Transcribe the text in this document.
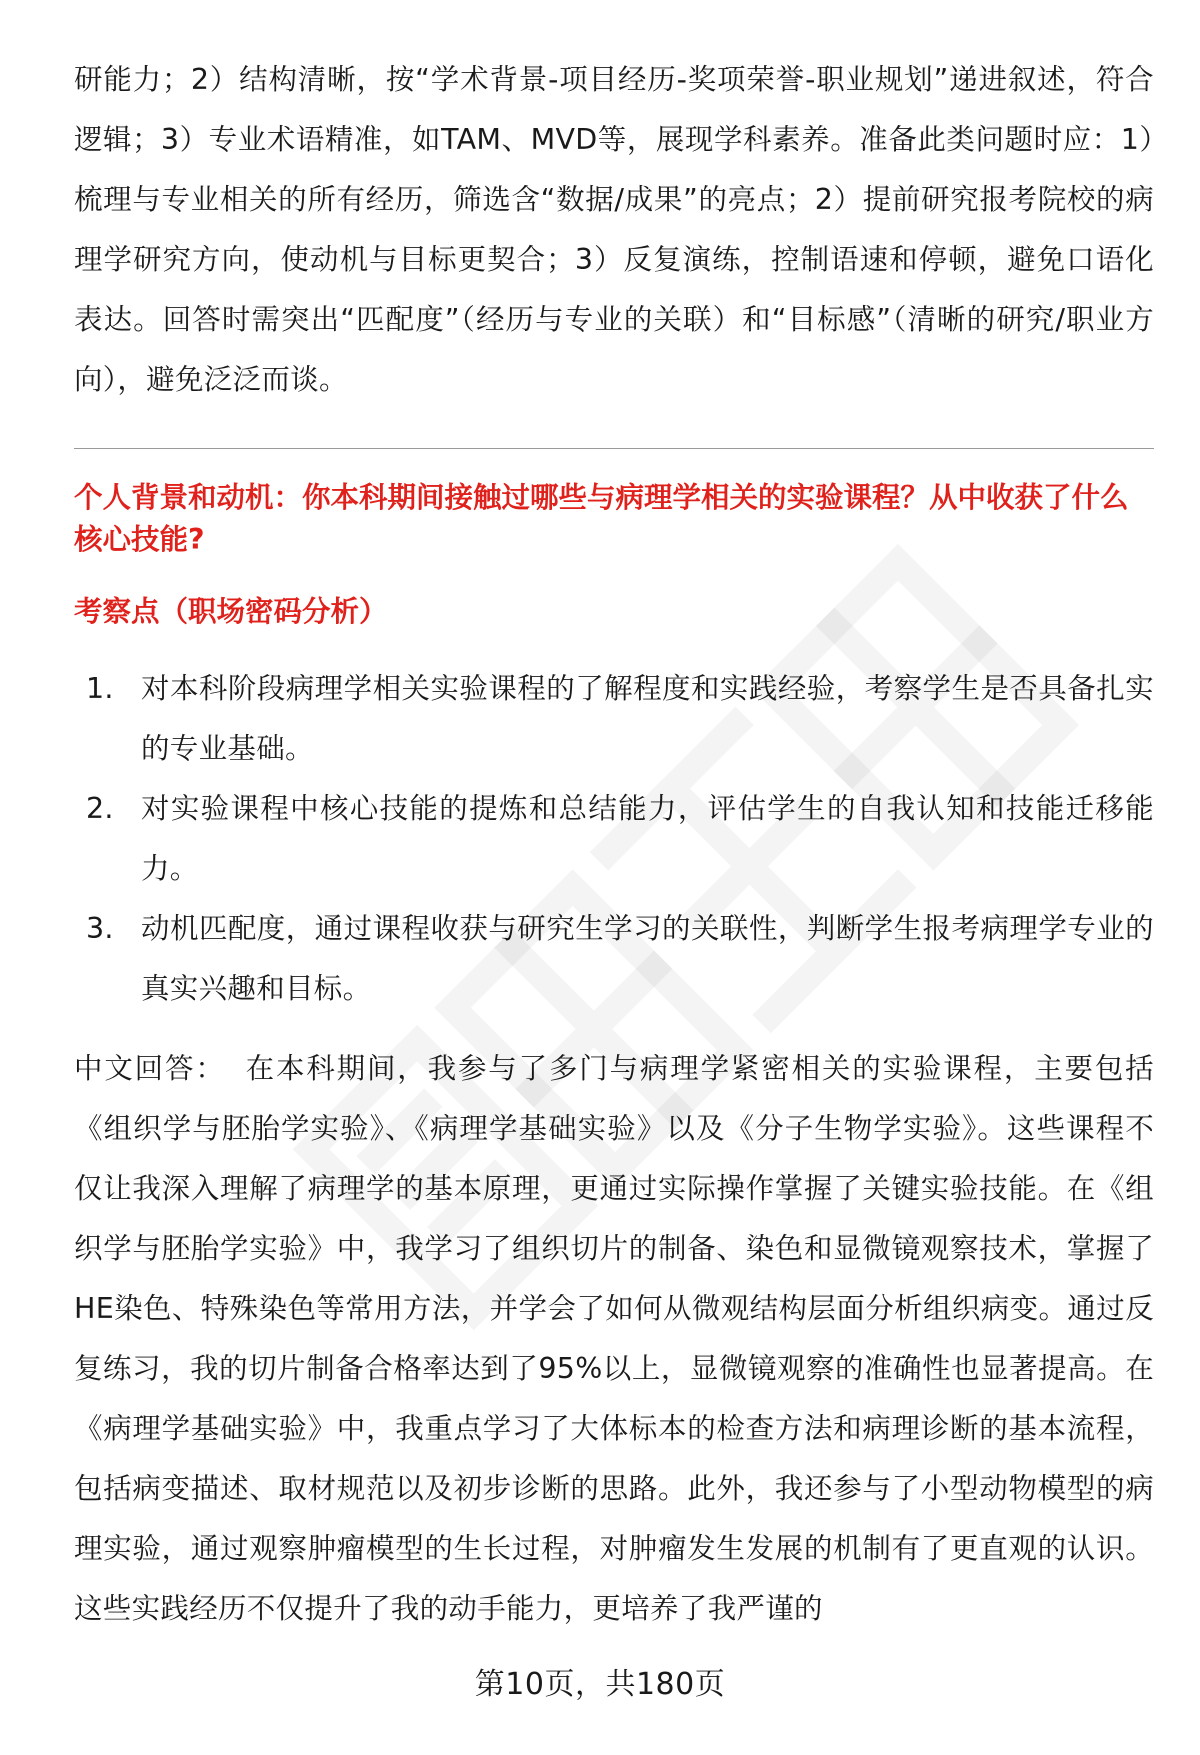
研能力；2）结构清晰，按“学术背景-项目经历-奖项荣誉-职业规划”递进叙述，符合逻辑；3）专业术语精准，如TAM、MVD等，展现学科素养。准备此类问题时应：1）梳理与专业相关的所有经历，筛选含“数据/成果”的亮点；2）提前研究报考院校的病理学研究方向，使动机与目标更契合；3）反复演练，控制语速和停顿，避免口语化表达。回答时需突出“匹配度”（经历与专业的关联）和“目标感”（清晰的研究/职业方向），避免泛泛而谈。

个人背景和动机：你本科期间接触过哪些与病理学相关的实验课程？从中收获了什么核心技能?

考察点（职场密码分析）

1. 对本科阶段病理学相关实验课程的了解程度和实践经验，考察学生是否具备扎实的专业基础。
2. 对实验课程中核心技能的提炼和总结能力，评估学生的自我认知和技能迁移能力。
3. 动机匹配度，通过课程收获与研究生学习的关联性，判断学生报考病理学专业的真实兴趣和目标。

中文回答： 在本科期间，我参与了多门与病理学紧密相关的实验课程，主要包括《组织学与胚胎学实验》、《病理学基础实验》以及《分子生物学实验》。这些课程不仅让我深入理解了病理学的基本原理，更通过实际操作掌握了关键实验技能。在《组织学与胚胎学实验》中，我学习了组织切片的制备、染色和显微镜观察技术，掌握了HE染色、特殊染色等常用方法，并学会了如何从微观结构层面分析组织病变。通过反复练习，我的切片制备合格率达到了95%以上，显微镜观察的准确性也显著提高。在《病理学基础实验》中，我重点学习了大体标本的检查方法和病理诊断的基本流程，包括病变描述、取材规范以及初步诊断的思路。此外，我还参与了小型动物模型的病理实验，通过观察肿瘤模型的生长过程，对肿瘤发生发展的机制有了更直观的认识。这些实践经历不仅提升了我的动手能力，更培养了我严谨的

第10页，共180页
